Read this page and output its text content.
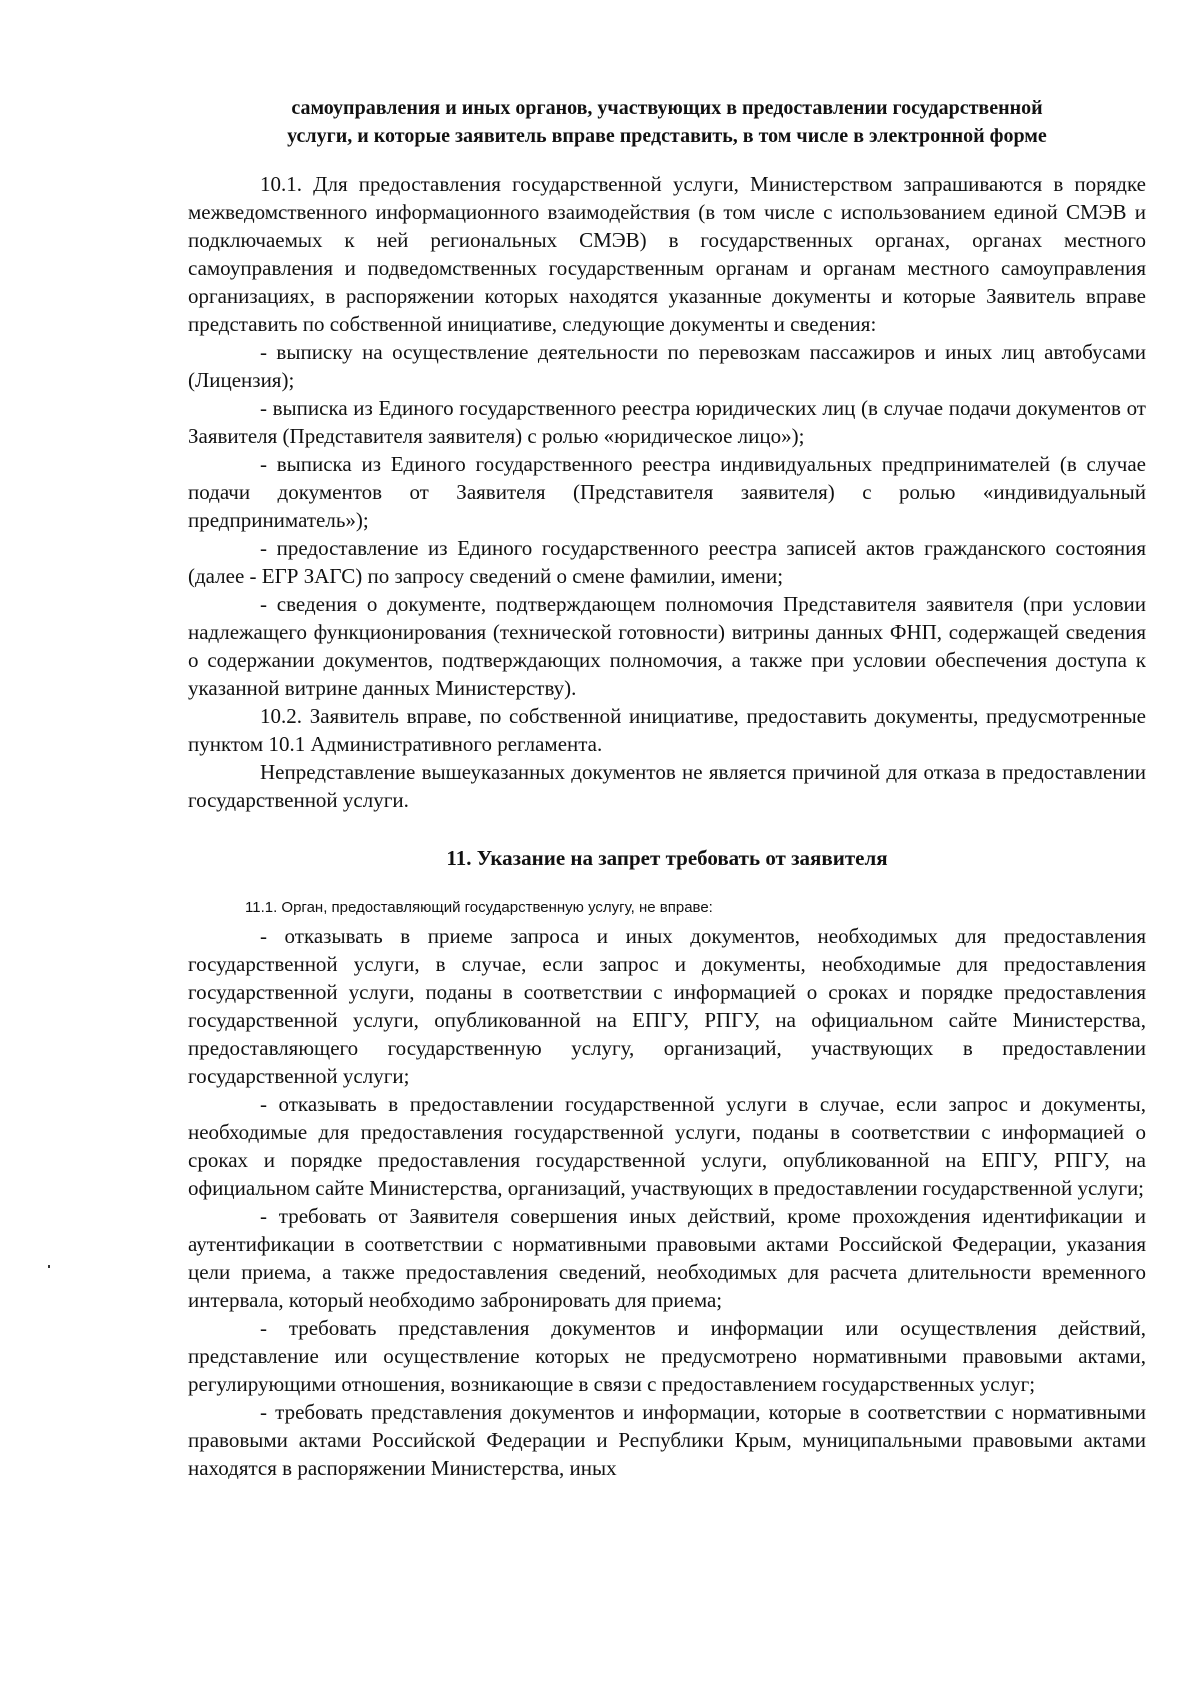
самоуправления и иных органов, участвующих в предоставлении государственной
услуги, и которые заявитель вправе представить, в том числе в электронной форме

10.1. Для предоставления государственной услуги, Министерством запрашиваются в порядке межведомственного информационного взаимодействия (в том числе с использованием единой СМЭВ и подключаемых к ней региональных СМЭВ) в государственных органах, органах местного самоуправления и подведомственных государственным органам и органам местного самоуправления организациях, в распоряжении которых находятся указанные документы и которые Заявитель вправе представить по собственной инициативе, следующие документы и сведения:

- выписку на осуществление деятельности по перевозкам пассажиров и иных лиц автобусами (Лицензия);

- выписка из Единого государственного реестра юридических лиц (в случае подачи документов от Заявителя (Представителя заявителя) с ролью «юридическое лицо»);

- выписка из Единого государственного реестра индивидуальных предпринимателей (в случае подачи документов от Заявителя (Представителя заявителя) с ролью «индивидуальный предприниматель»);

- предоставление из Единого государственного реестра записей актов гражданского состояния (далее - ЕГР ЗАГС) по запросу сведений о смене фамилии, имени;

- сведения о документе, подтверждающем полномочия Представителя заявителя (при условии надлежащего функционирования (технической готовности) витрины данных ФНП, содержащей сведения о содержании документов, подтверждающих полномочия, а также при условии обеспечения доступа к указанной витрине данных Министерству).

10.2. Заявитель вправе, по собственной инициативе, предоставить документы, предусмотренные пунктом 10.1 Административного регламента.

Непредставление вышеуказанных документов не является причиной для отказа в предоставлении государственной услуги.

11. Указание на запрет требовать от заявителя

11.1. Орган, предоставляющий государственную услугу, не вправе:

- отказывать в приеме запроса и иных документов, необходимых для предоставления государственной услуги, в случае, если запрос и документы, необходимые для предоставления государственной услуги, поданы в соответствии с информацией о сроках и порядке предоставления государственной услуги, опубликованной на ЕПГУ, РПГУ, на официальном сайте Министерства, предоставляющего государственную услугу, организаций, участвующих в предоставлении государственной услуги;

- отказывать в предоставлении государственной услуги в случае, если запрос и документы, необходимые для предоставления государственной услуги, поданы в соответствии с информацией о сроках и порядке предоставления государственной услуги, опубликованной на ЕПГУ, РПГУ, на официальном сайте Министерства, организаций, участвующих в предоставлении государственной услуги;

- требовать от Заявителя совершения иных действий, кроме прохождения идентификации и аутентификации в соответствии с нормативными правовыми актами Российской Федерации, указания цели приема, а также предоставления сведений, необходимых для расчета длительности временного интервала, который необходимо забронировать для приема;

- требовать представления документов и информации или осуществления действий, представление или осуществление которых не предусмотрено нормативными правовыми актами, регулирующими отношения, возникающие в связи с предоставлением государственных услуг;

- требовать представления документов и информации, которые в соответствии с нормативными правовыми актами Российской Федерации и Республики Крым, муниципальными правовыми актами находятся в распоряжении Министерства, иных
